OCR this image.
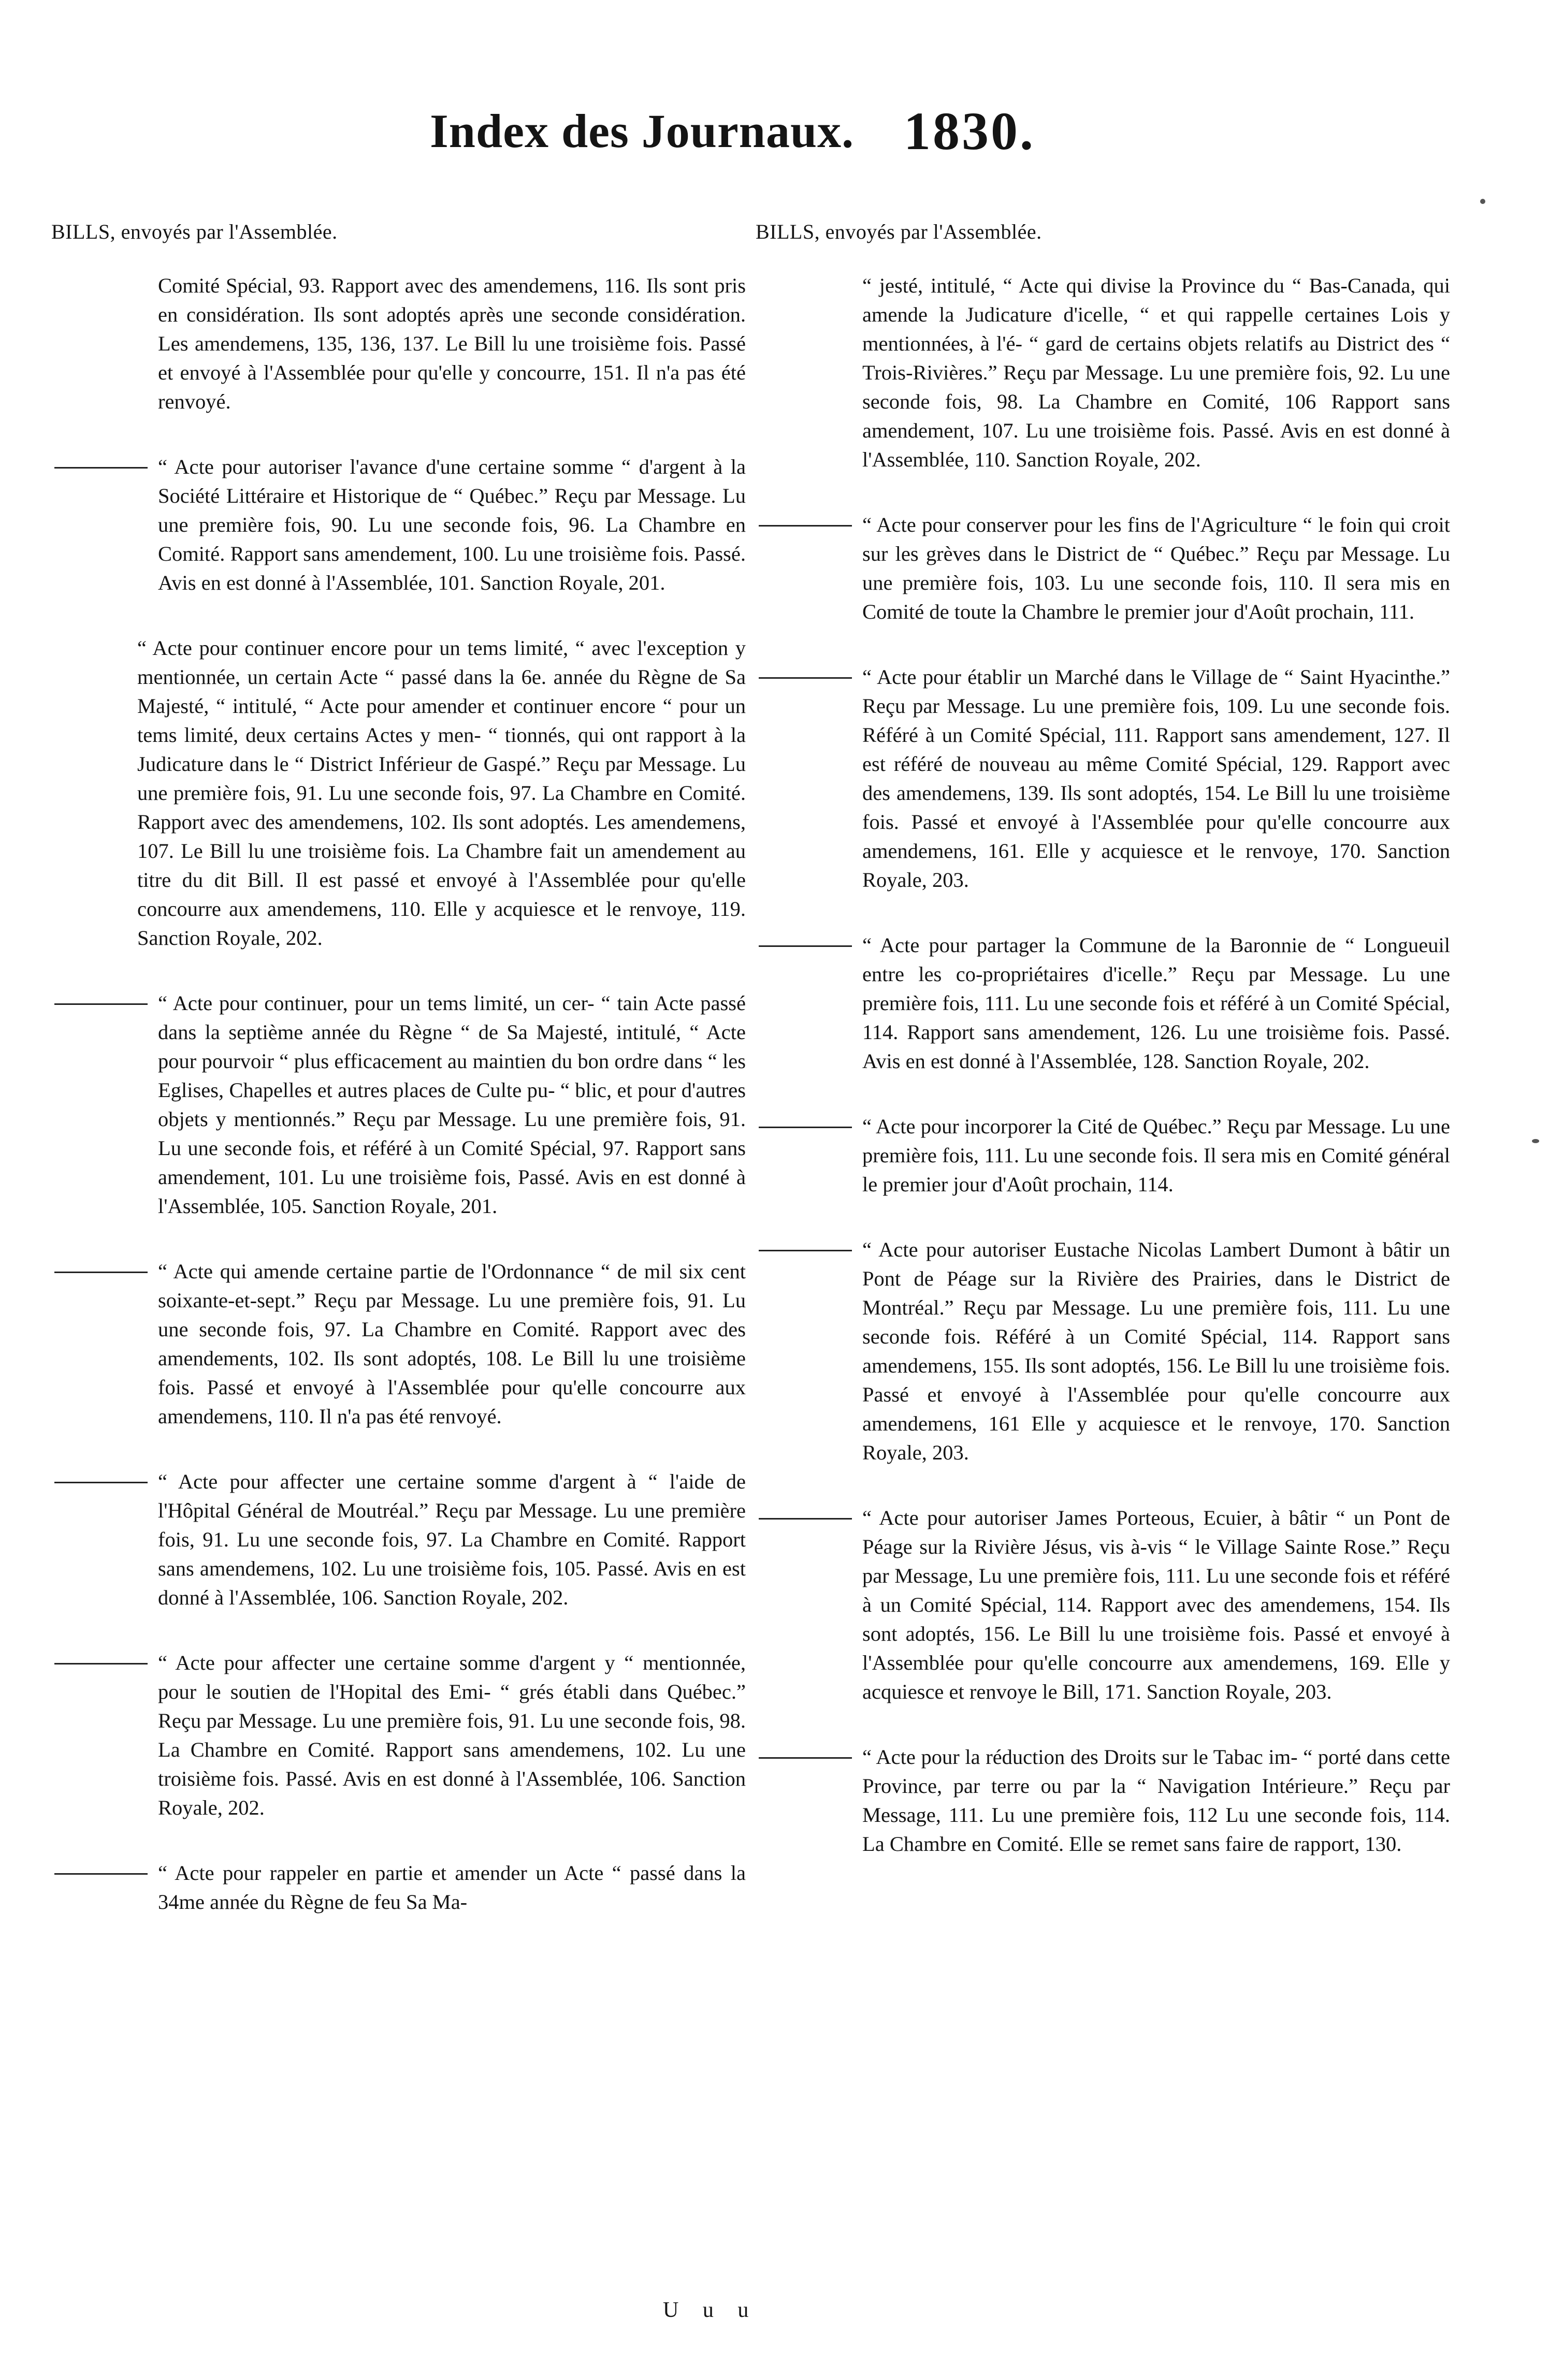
Index des Journaux. 1830.
BILLS, envoyés par l'Assemblée.
Comité Spécial, 93. Rapport avec des amendemens, 116. Ils sont pris en considération. Ils sont adoptés après une seconde considération. Les amendemens, 135, 136, 137. Le Bill lu une troisième fois. Passé et envoyé à l'Assemblée pour qu'elle y concourre, 151. Il n'a pas été renvoyé.
“ Acte pour autoriser l'avance d'une certaine somme “ d'argent à la Société Littéraire et Historique de “ Québec.” Reçu par Message. Lu une première fois, 90. Lu une seconde fois, 96. La Chambre en Comité. Rapport sans amendement, 100. Lu une troisième fois. Passé. Avis en est donné à l'Assemblée, 101. Sanction Royale, 201.
“ Acte pour continuer encore pour un tems limité, “ avec l'exception y mentionnée, un certain Acte “ passé dans la 6e. année du Règne de Sa Majesté, “ intitulé, “ Acte pour amender et continuer encore “ pour un tems limité, deux certains Actes y men- “ tionnés, qui ont rapport à la Judicature dans le “ District Inférieur de Gaspé.” Reçu par Message. Lu une première fois, 91. Lu une seconde fois, 97. La Chambre en Comité. Rapport avec des amendemens, 102. Ils sont adoptés. Les amendemens, 107. Le Bill lu une troisième fois. La Chambre fait un amendement au titre du dit Bill. Il est passé et envoyé à l'Assemblée pour qu'elle concourre aux amendemens, 110. Elle y acquiesce et le renvoye, 119. Sanction Royale, 202.
“ Acte pour continuer, pour un tems limité, un cer- “ tain Acte passé dans la septième année du Règne “ de Sa Majesté, intitulé, “ Acte pour pourvoir “ plus efficacement au maintien du bon ordre dans “ les Eglises, Chapelles et autres places de Culte pu- “ blic, et pour d'autres objets y mentionnés.” Reçu par Message. Lu une première fois, 91. Lu une seconde fois, et référé à un Comité Spécial, 97. Rapport sans amendement, 101. Lu une troisième fois, Passé. Avis en est donné à l'Assemblée, 105. Sanction Royale, 201.
“ Acte qui amende certaine partie de l'Ordonnance “ de mil six cent soixante-et-sept.” Reçu par Message. Lu une première fois, 91. Lu une seconde fois, 97. La Chambre en Comité. Rapport avec des amendements, 102. Ils sont adoptés, 108. Le Bill lu une troisième fois. Passé et envoyé à l'Assemblée pour qu'elle concourre aux amendemens, 110. Il n'a pas été renvoyé.
“ Acte pour affecter une certaine somme d'argent à “ l'aide de l'Hôpital Général de Moutréal.” Reçu par Message. Lu une première fois, 91. Lu une seconde fois, 97. La Chambre en Comité. Rapport sans amendemens, 102. Lu une troisième fois, 105. Passé. Avis en est donné à l'Assemblée, 106. Sanction Royale, 202.
“ Acte pour affecter une certaine somme d'argent y “ mentionnée, pour le soutien de l'Hopital des Emi- “ grés établi dans Québec.” Reçu par Message. Lu une première fois, 91. Lu une seconde fois, 98. La Chambre en Comité. Rapport sans amendemens, 102. Lu une troisième fois. Passé. Avis en est donné à l'Assemblée, 106. Sanction Royale, 202.
“ Acte pour rappeler en partie et amender un Acte “ passé dans la 34me année du Règne de feu Sa Ma-
BILLS, envoyés par l'Assemblée.
“ jesté, intitulé, “ Acte qui divise la Province du “ Bas-Canada, qui amende la Judicature d'icelle, “ et qui rappelle certaines Lois y mentionnées, à l'é- “ gard de certains objets relatifs au District des “ Trois-Rivières.” Reçu par Message. Lu une première fois, 92. Lu une seconde fois, 98. La Chambre en Comité, 106 Rapport sans amendement, 107. Lu une troisième fois. Passé. Avis en est donné à l'Assemblée, 110. Sanction Royale, 202.
“ Acte pour conserver pour les fins de l'Agriculture “ le foin qui croit sur les grèves dans le District de “ Québec.” Reçu par Message. Lu une première fois, 103. Lu une seconde fois, 110. Il sera mis en Comité de toute la Chambre le premier jour d'Août prochain, 111.
“ Acte pour établir un Marché dans le Village de “ Saint Hyacinthe.” Reçu par Message. Lu une première fois, 109. Lu une seconde fois. Référé à un Comité Spécial, 111. Rapport sans amendement, 127. Il est référé de nouveau au même Comité Spécial, 129. Rapport avec des amendemens, 139. Ils sont adoptés, 154. Le Bill lu une troisième fois. Passé et envoyé à l'Assemblée pour qu'elle concourre aux amendemens, 161. Elle y acquiesce et le renvoye, 170. Sanction Royale, 203.
“ Acte pour partager la Commune de la Baronnie de “ Longueuil entre les co-propriétaires d'icelle.” Reçu par Message. Lu une première fois, 111. Lu une seconde fois et référé à un Comité Spécial, 114. Rapport sans amendement, 126. Lu une troisième fois. Passé. Avis en est donné à l'Assemblée, 128. Sanction Royale, 202.
“ Acte pour incorporer la Cité de Québec.” Reçu par Message. Lu une première fois, 111. Lu une seconde fois. Il sera mis en Comité général le premier jour d'Août prochain, 114.
“ Acte pour autoriser Eustache Nicolas Lambert Dumont à bâtir un Pont de Péage sur la Rivière des Prairies, dans le District de Montréal.” Reçu par Message. Lu une première fois, 111. Lu une seconde fois. Référé à un Comité Spécial, 114. Rapport sans amendemens, 155. Ils sont adoptés, 156. Le Bill lu une troisième fois. Passé et envoyé à l'Assemblée pour qu'elle concourre aux amendemens, 161 Elle y acquiesce et le renvoye, 170. Sanction Royale, 203.
“ Acte pour autoriser James Porteous, Ecuier, à bâtir “ un Pont de Péage sur la Rivière Jésus, vis à-vis “ le Village Sainte Rose.” Reçu par Message, Lu une première fois, 111. Lu une seconde fois et référé à un Comité Spécial, 114. Rapport avec des amendemens, 154. Ils sont adoptés, 156. Le Bill lu une troisième fois. Passé et envoyé à l'Assemblée pour qu'elle concourre aux amendemens, 169. Elle y acquiesce et renvoye le Bill, 171. Sanction Royale, 203.
“ Acte pour la réduction des Droits sur le Tabac im- “ porté dans cette Province, par terre ou par la “ Navigation Intérieure.” Reçu par Message, 111. Lu une première fois, 112 Lu une seconde fois, 114. La Chambre en Comité. Elle se remet sans faire de rapport, 130.
U u u
